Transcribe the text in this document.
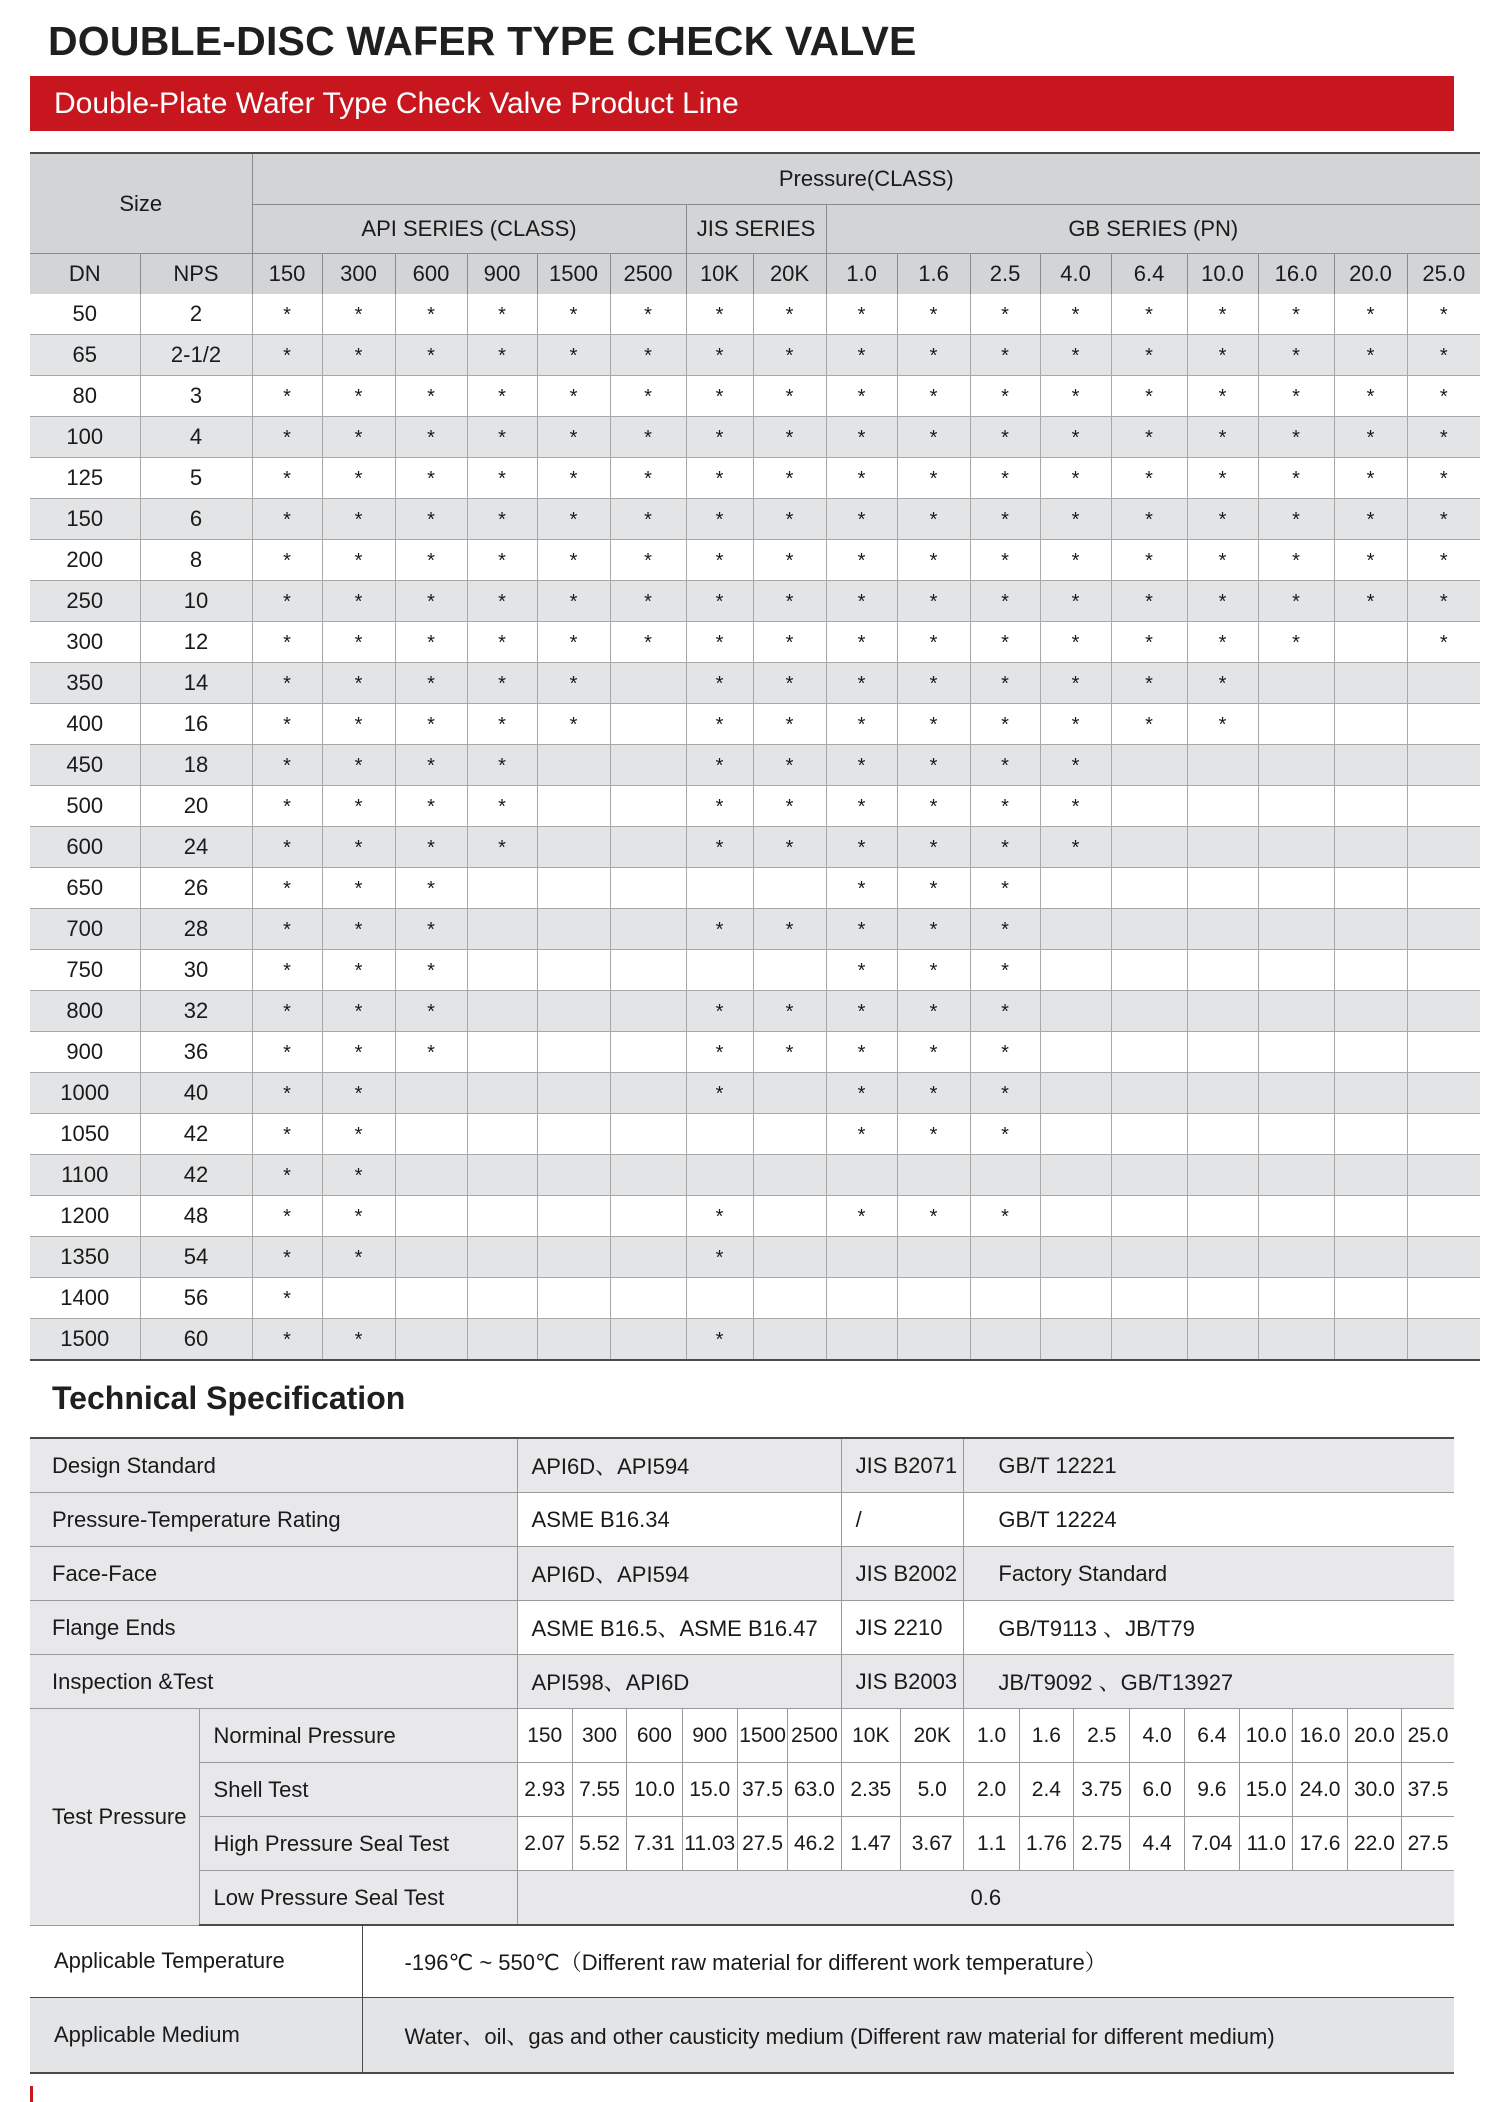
DOUBLE-DISC WAFER TYPE CHECK VALVE
Double-Plate Wafer Type Check Valve Product Line
Size		Pressure(CLASS)																
		API SERIES (CLASS)						JIS SERIES		GB SERIES (PN)								
DN	NPS	150	300	600	900	1500	2500	10K	20K	1.0	1.6	2.5	4.0	6.4	10.0	16.0	20.0	25.0
50	2	*	*	*	*	*	*	*	*	*	*	*	*	*	*	*	*	*
65	2-1/2	*	*	*	*	*	*	*	*	*	*	*	*	*	*	*	*	*
80	3	*	*	*	*	*	*	*	*	*	*	*	*	*	*	*	*	*
100	4	*	*	*	*	*	*	*	*	*	*	*	*	*	*	*	*	*
125	5	*	*	*	*	*	*	*	*	*	*	*	*	*	*	*	*	*
150	6	*	*	*	*	*	*	*	*	*	*	*	*	*	*	*	*	*
200	8	*	*	*	*	*	*	*	*	*	*	*	*	*	*	*	*	*
250	10	*	*	*	*	*	*	*	*	*	*	*	*	*	*	*	*	*
300	12	*	*	*	*	*	*	*	*	*	*	*	*	*	*	*		*
350	14	*	*	*	*	*		*	*	*	*	*	*	*	*			
400	16	*	*	*	*	*		*	*	*	*	*	*	*	*			
450	18	*	*	*	*			*	*	*	*	*	*					
500	20	*	*	*	*			*	*	*	*	*	*					
600	24	*	*	*	*			*	*	*	*	*	*					
650	26	*	*	*						*	*	*						
700	28	*	*	*				*	*	*	*	*						
750	30	*	*	*						*	*	*						
800	32	*	*	*				*	*	*	*	*						
900	36	*	*	*				*	*	*	*	*						
1000	40	*	*					*		*	*	*						
1050	42	*	*							*	*	*						
1100	42	*	*															
1200	48	*	*					*		*	*	*						
1350	54	*	*					*										
1400	56	*																
1500	60	*	*					*										
Technical Specification
Design Standard		API6D、API594						JIS B2071		GB/T 12221								
Pressure-Temperature Rating		ASME B16.34						/		GB/T 12224								
Face-Face		API6D、API594						JIS B2002		Factory Standard								
Flange Ends		ASME B16.5、ASME B16.47						JIS 2210		GB/T9113 、JB/T79								
Inspection &Test		API598、API6D						JIS B2003		JB/T9092 、GB/T13927								
Test Pressure	Norminal Pressure	150	300	600	900	1500	2500	10K	20K	1.0	1.6	2.5	4.0	6.4	10.0	16.0	20.0	25.0
	Shell Test	2.93	7.55	10.0	15.0	37.5	63.0	2.35	5.0	2.0	2.4	3.75	6.0	9.6	15.0	24.0	30.0	37.5
	High Pressure Seal Test	2.07	5.52	7.31	11.03	27.5	46.2	1.47	3.67	1.1	1.76	2.75	4.4	7.04	11.0	17.6	22.0	27.5
	Low Pressure Seal Test	0.6																
Applicable Temperature	-196℃ ~ 550℃（Different raw material for different work temperature）
Applicable Medium	Water、oil、gas and other causticity medium (Different raw material for different medium)
